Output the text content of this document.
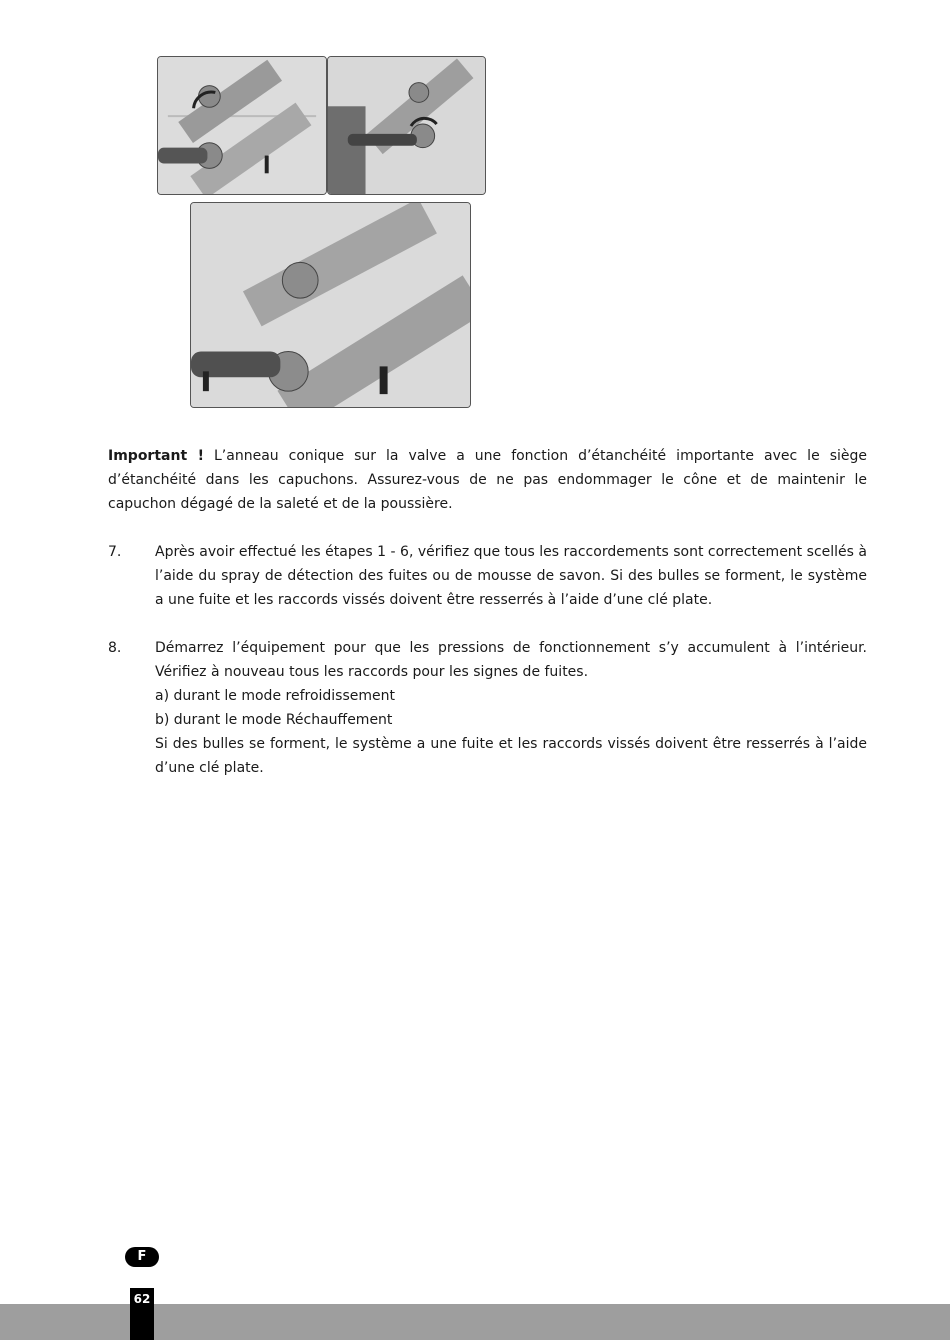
Important ! L’anneau conique sur la valve a une fonction d’étanchéité importante avec le siège d’étanchéité dans les capuchons. Assurez-vous de ne pas endommager le cône et de maintenir le capuchon dégagé de la saleté et de la poussière.
7. Après avoir effectué les étapes 1 - 6, vérifiez que tous les raccordements sont correctement scellés à l’aide du spray de détection des fuites ou de mousse de savon. Si des bulles se forment, le système a une fuite et les raccords vissés doivent être resserrés à l’aide d’une clé plate.
8. Démarrez l’équipement pour que les pressions de fonctionnement s’y accumulent à l’intérieur. Vérifiez à nouveau tous les raccords pour les signes de fuites.
a) durant le mode refroidissement
b) durant le mode Réchauffement
Si des bulles se forment, le système a une fuite et les raccords vissés doivent être resserrés à l’aide d’une clé plate.
F
62
